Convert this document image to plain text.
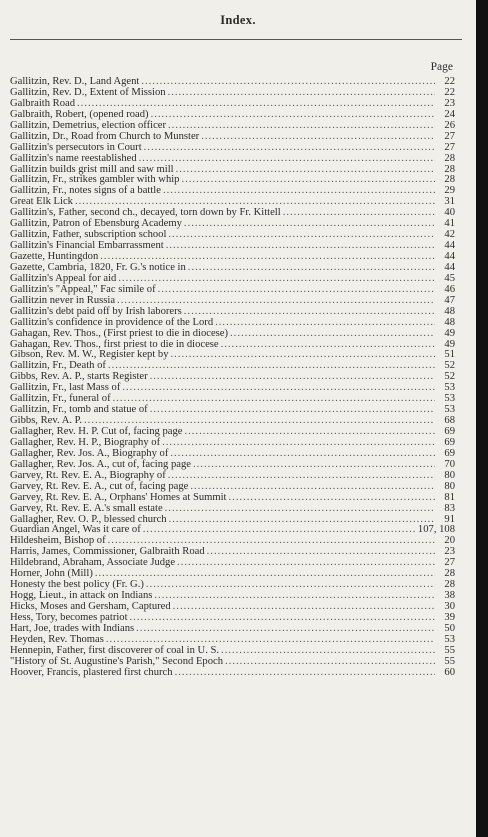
Index.
Page
Gallitzin, Rev. D., Land Agent .....	22
Gallitzin, Rev. D., Extent of Mission .....	22
Galbraith Road .....	23
Galbraith, Robert, (opened road) .....	24
Gallitzin, Demetrius, election officer .....	26
Gallitzin, Dr., Road from Church to Munster .....	27
Gallitzin's persecutors in Court .....	27
Gallitzin's name reestablished .....	28
Gallitzin builds grist mill and saw mill .....	28
Gallitzin, Fr., strikes gambler with whip .....	28
Gallitzin, Fr., notes signs of a battle .....	29
Great Elk Lick .....	31
Gallitzin's, Father, second ch., decayed, torn down by Fr. Kittell .....	40
Gallitzin, Patron of Ebensburg Academy .....	41
Gallitzin, Father, subscription school .....	42
Gallitzin's Financial Embarrassment .....	44
Gazette, Huntingdon .....	44
Gazette, Cambria, 1820, Fr. G.'s notice in .....	44
Gallitzin's Appeal for aid .....	45
Gallitzin's "Appeal," Fac simile of .....	46
Gallitzin never in Russia .....	47
Gallitzin's debt paid off by Irish laborers .....	48
Gallitzin's confidence in providence of the Lord .....	48
Gahagan, Rev. Thos., (First priest to die in diocese) .....	49
Gahagan, Rev. Thos., first priest to die in diocese .....	49
Gibson, Rev. M. W., Register kept by .....	51
Gallitzin, Fr., Death of .....	52
Gibbs, Rev. A. P., starts Register .....	52
Gallitzin, Fr., last Mass of .....	53
Gallitzin, Fr., funeral of .....	53
Gallitzin, Fr., tomb and statue of .....	53
Gibbs, Rev. A. P. .....	68
Gallagher, Rev. H. P. Cut of, facing page .....	69
Gallagher, Rev. H. P., Biography of .....	69
Gallagher, Rev. Jos. A., Biography of .....	69
Gallagher, Rev. Jos. A., cut of, facing page .....	70
Garvey, Rt. Rev. E. A., Biography of .....	80
Garvey, Rt. Rev. E. A., cut of, facing page .....	80
Garvey, Rt. Rev. E. A., Orphans' Homes at Summit .....	81
Garvey, Rt. Rev. E. A.'s small estate .....	83
Gallagher, Rev. O. P., blessed church .....	91
Guardian Angel, Was it care of .....	107, 108
Hildesheim, Bishop of .....	20
Harris, James, Commissioner, Galbraith Road .....	23
Hildebrand, Abraham, Associate Judge .....	27
Horner, John (Mill) .....	28
Honesty the best policy (Fr. G.) .....	28
Hogg, Lieut., in attack on Indians .....	38
Hicks, Moses and Gersham, Captured .....	30
Hess, Tory, becomes patriot .....	39
Hart, Joe, trades with Indians .....	50
Heyden, Rev. Thomas .....	53
Hennepin, Father, first discoverer of coal in U. S. .....	55
"History of St. Augustine's Parish," Second Epoch .....	55
Hoover, Francis, plastered first church .....	60
